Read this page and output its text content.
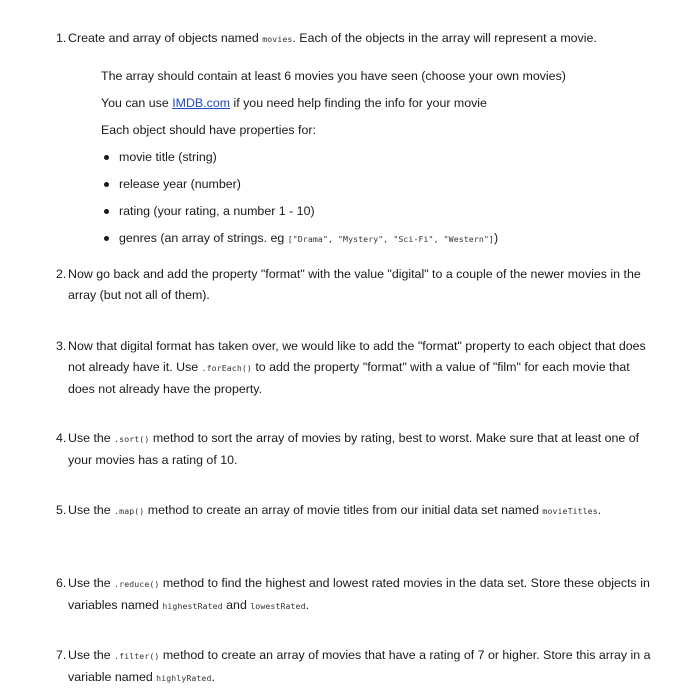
1. Create and array of objects named movies. Each of the objects in the array will represent a movie.

The array should contain at least 6 movies you have seen (choose your own movies)

You can use IMDB.com if you need help finding the info for your movie

Each object should have properties for:

movie title (string)
release year (number)
rating (your rating, a number 1 - 10)
genres (an array of strings. eg ["Drama", "Mystery", "Sci-Fi", "Western"])
2. Now go back and add the property "format" with the value "digital" to a couple of the newer movies in the array (but not all of them).
3. Now that digital format has taken over, we would like to add the "format" property to each object that does not already have it. Use .forEach() to add the property "format" with a value of "film" for each movie that does not already have the property.
4. Use the .sort() method to sort the array of movies by rating, best to worst. Make sure that at least one of your movies has a rating of 10.
5. Use the .map() method to create an array of movie titles from our initial data set named movieTitles.
6. Use the .reduce() method to find the highest and lowest rated movies in the data set. Store these objects in variables named highestRated and lowestRated.
7. Use the .filter() method to create an array of movies that have a rating of 7 or higher. Store this array in a variable named highlyRated.
